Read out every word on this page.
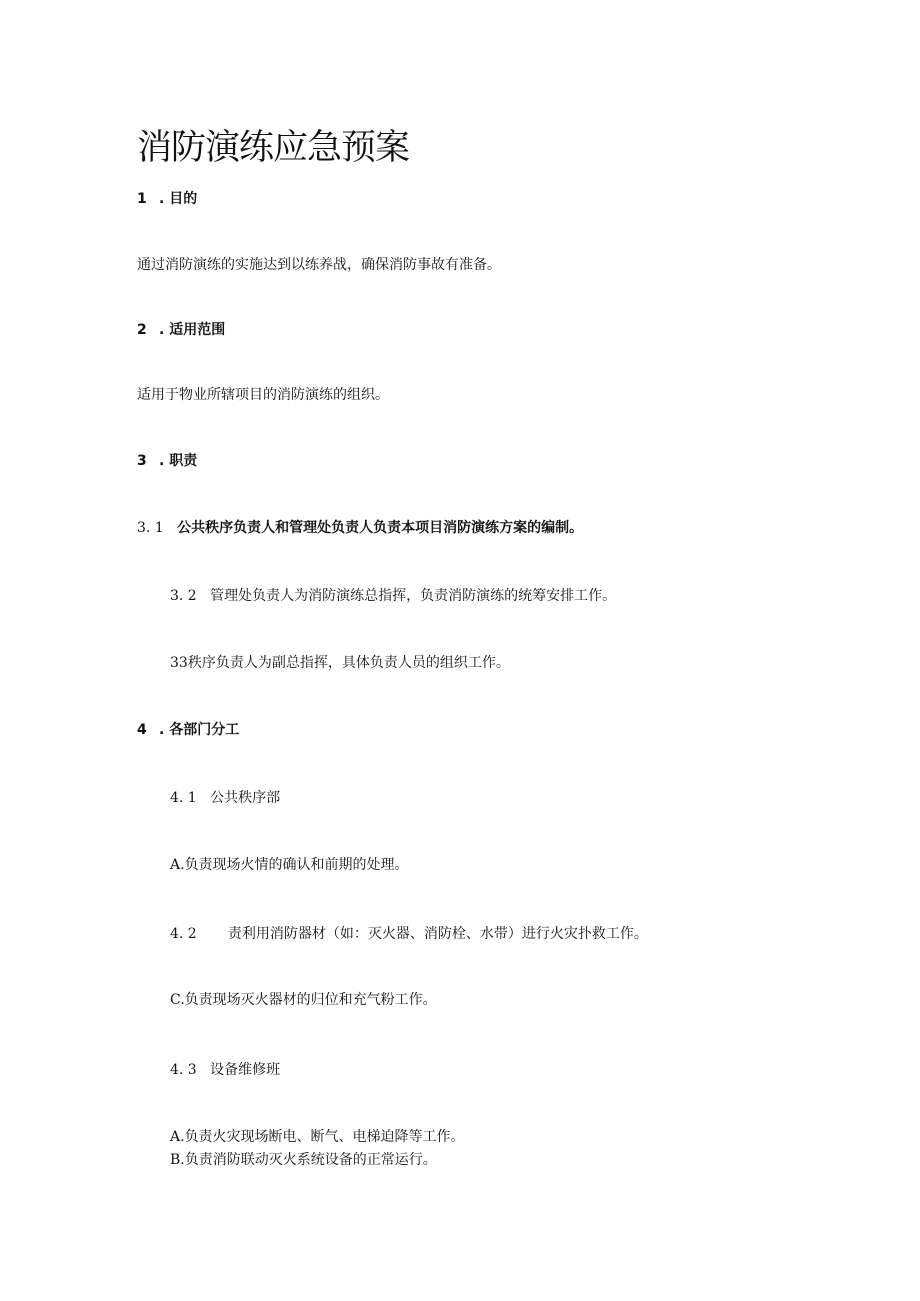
消防演练应急预案
1 . 目的
通过消防演练的实施达到以练养战，确保消防事故有准备。
2 . 适用范围
适用于物业所辖项目的消防演练的组织。
3 . 职责
3. 1 公共秩序负责人和管理处负责人负责本项目消防演练方案的编制。
3. 2 管理处负责人为消防演练总指挥，负责消防演练的统筹安排工作。
33秩序负责人为副总指挥，具体负责人员的组织工作。
4 . 各部门分工
4. 1 公共秩序部
A.负责现场火情的确认和前期的处理。
4. 2 责利用消防器材（如：灭火器、消防栓、水带）进行火灾扑救工作。
C.负责现场灭火器材的归位和充气粉工作。
4. 3 设备维修班
A.负责火灾现场断电、断气、电梯迫降等工作。
B.负责消防联动灭火系统设备的正常运行。
